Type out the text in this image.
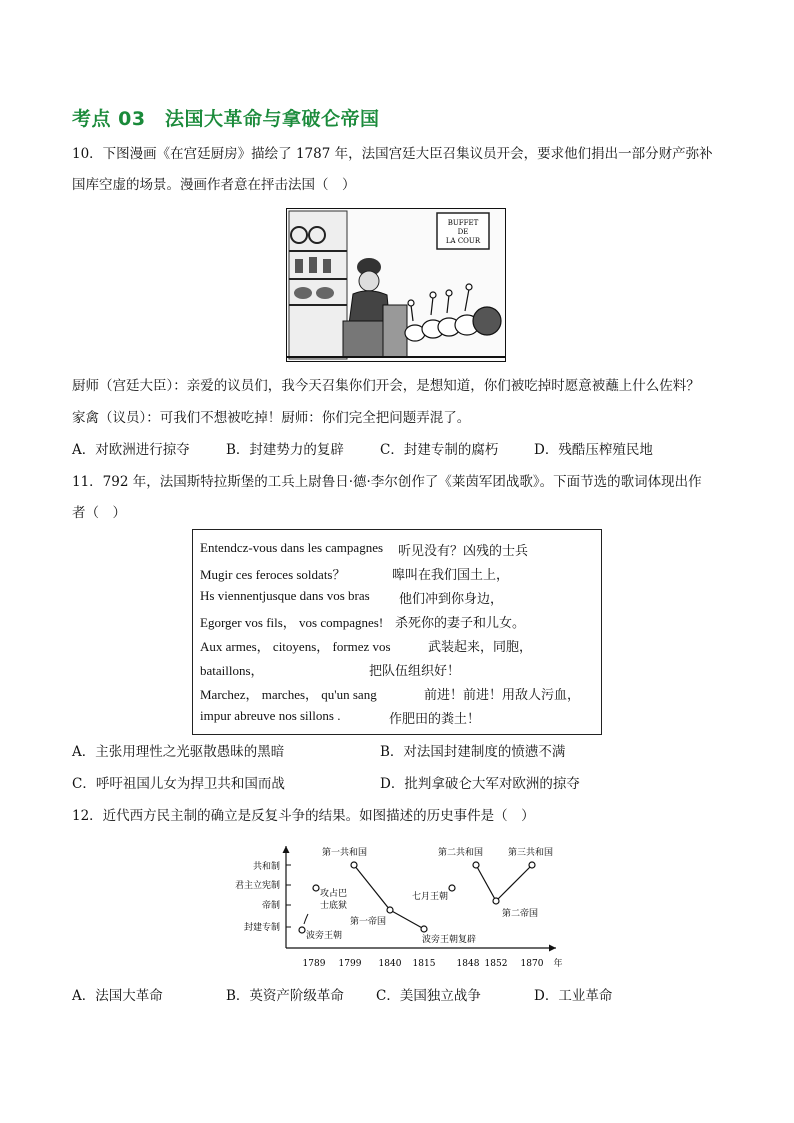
考点 03　法国大革命与拿破仑帝国
10．下图漫画《在宫廷厨房》描绘了 1787 年，法国宫廷大臣召集议员开会，要求他们捐出一部分财产弥补
国库空虚的场景。漫画作者意在抨击法国（　）
BUFFET
DE
LA COUR
厨师（宫廷大臣）：亲爱的议员们，我今天召集你们开会，是想知道，你们被吃掉时愿意被蘸上什么佐料？
家禽（议员）：可我们不想被吃掉！厨师：你们完全把问题弄混了。
A．对欧洲进行掠夺	B．封建势力的复辟	C．封建专制的腐朽	D．残酷压榨殖民地
11．792 年，法国斯特拉斯堡的工兵上尉鲁日·德·李尔创作了《莱茵军团战歌》。下面节选的歌词体现出作
者（　）
Entendcz-vous dans les campagnes 听见没有？凶残的士兵
Mugir ces feroces soldats？	嗥叫在我们国土上，
Hs viennentjusque dans vos bras 他们冲到你身边，
Egorger vos fils， vos compagnes! 杀死你的妻子和儿女。
Aux armes， citoyens， formez vos	武装起来，同胞，
bataillons，	把队伍组织好！
Marchez， marches， qu'un sang	前进！前进！用敌人污血，
impur abreuve nos sillons .	作肥田的粪土！
A．主张用理性之光驱散愚昧的黑暗	B．对法国封建制度的愤懑不满
C．呼吁祖国儿女为捍卫共和国而战	D．批判拿破仑大军对欧洲的掠夺
12．近代西方民主制的确立是反复斗争的结果。如图描述的历史事件是（　）
共和制
君主立宪制
帝制
封建专制
1789 1799 1840 1815 1848 1852 1870 年
第一共和国
攻占巴
士底狱
第一帝国
七月王朝
第二共和国	第三共和国
第二帝国
波旁王朝	波旁王朝复辟
A．法国大革命	B．英资产阶级革命 C．美国独立战争	D．工业革命
